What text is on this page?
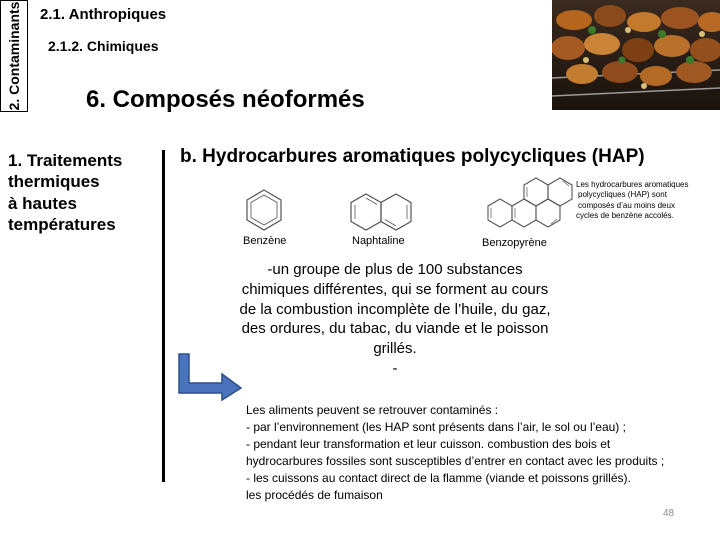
2. Contaminants 2.1. Anthropiques
2.1.2. Chimiques
6. Composés néoformés
1. Traitements
thermiques
à hautes
températures
b. Hydrocarbures aromatiques polycycliques (HAP)
Benzène	Naphtaline	Benzopyrène
Les hydrocarbures aromatiques
polycycliques (HAP) sont
composés d’au moins deux
cycles de benzène accolés.
-un groupe de plus de 100 substances
chimiques différentes, qui se forment au cours
de la combustion incomplète de l’huile, du gaz,
des ordures, du tabac, du viande et le poisson
grillés.
-
Les aliments peuvent se retrouver contaminés :
- par l’environnement (les HAP sont présents dans l’air, le sol ou l’eau) ;
- pendant leur transformation et leur cuisson. combustion des bois et
hydrocarbures fossiles sont susceptibles d’entrer en contact avec les produits ;
- les cuissons au contact direct de la flamme (viande et poissons grillés).
les procédés de fumaison
48
